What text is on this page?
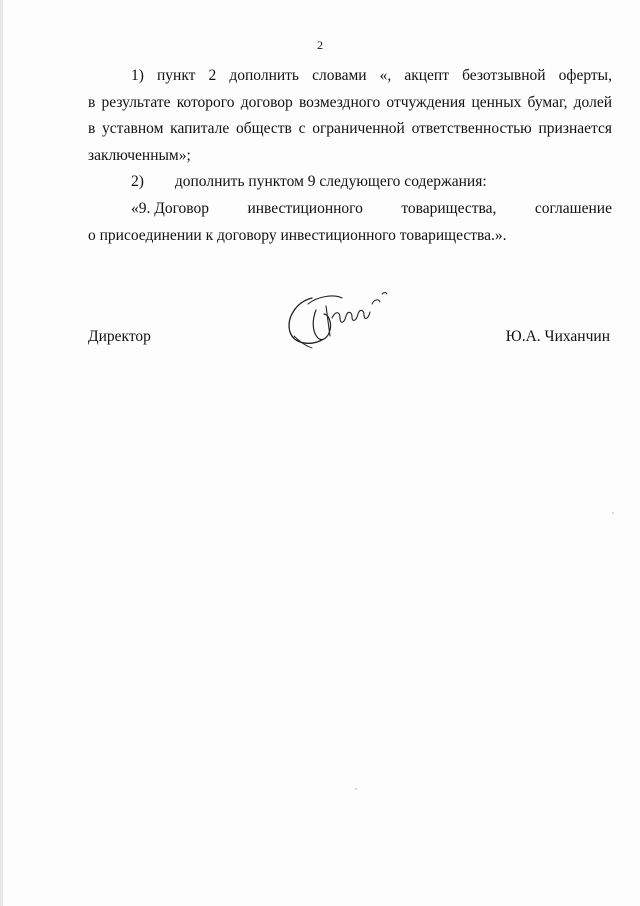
2
1) пункт 2 дополнить словами «, акцепт безотзывной оферты,
в результате которого договор возмездного отчуждения ценных бумаг, долей
в уставном капитале обществ с ограниченной ответственностью признается
заключенным»;
2) дополнить пунктом 9 следующего содержания:
«9. Договор инвестиционного товарищества, соглашение
о присоединении к договору инвестиционного товарищества.».
Директор	Ю.А. Чиханчин
